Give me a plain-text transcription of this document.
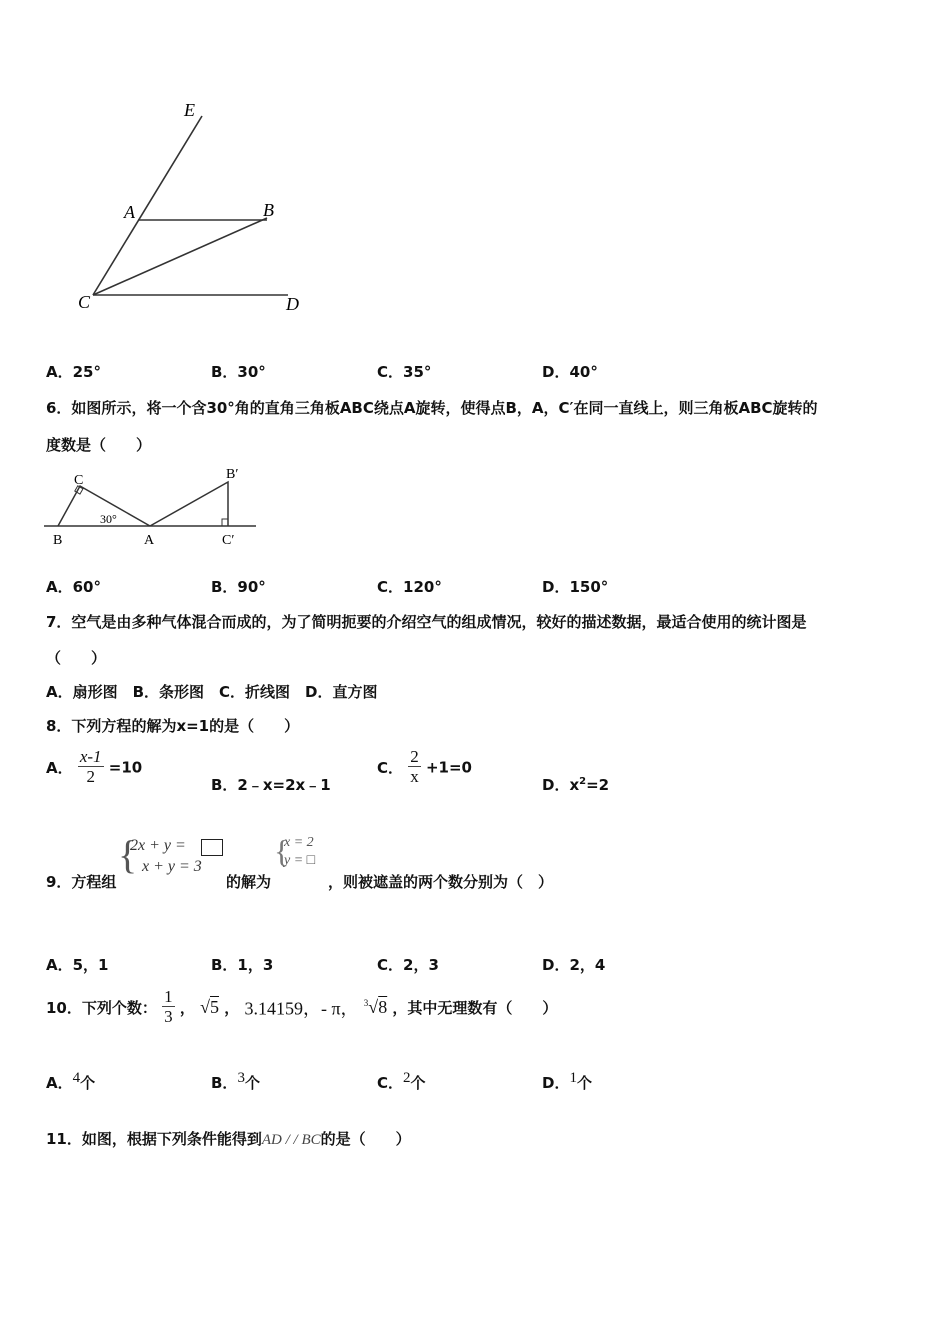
E
A	B
C	D
A．25°	B．30°	C．35°	D．40°
6．如图所示，将一个含30°角的直角三角板ABC绕点A旋转，使得点B，A，C′在同一直线上，则三角板ABC旋转的
度数是（　　）
C
B	A
B′
C′
30°
A．60°	B．90°	C．120°	D．150°
7．空气是由多种气体混合而成的，为了简明扼要的介绍空气的组成情况，较好的描述数据，最适合使用的统计图是
（　　）
A．扇形图　B．条形图　C．折线图　D．直方图
8．下列方程的解为x=1的是（　　）
A． $\frac{x-1}{2} =10$
B．2﹣x=2x﹣1
C． $\frac{2}{x} +1=0$
D．$x^2=2$
9．方程组
{
2x + y =
x + y = 3
的解为
{
x = 2
y = □
，则被遮盖的两个数分别为（　）
A．5，1	B．1，3	C．2，3	D．2，4
10．下列个数： $\frac{1}{3}$ ， √5 ， 3.14159，- π， $^3$√8 ，其中无理数有（　　）
A．$^4$个	B．$^3$个	C．$^2$个	D．$^1$个
11．如图，根据下列条件能得到AD / / BC的是（　　）
